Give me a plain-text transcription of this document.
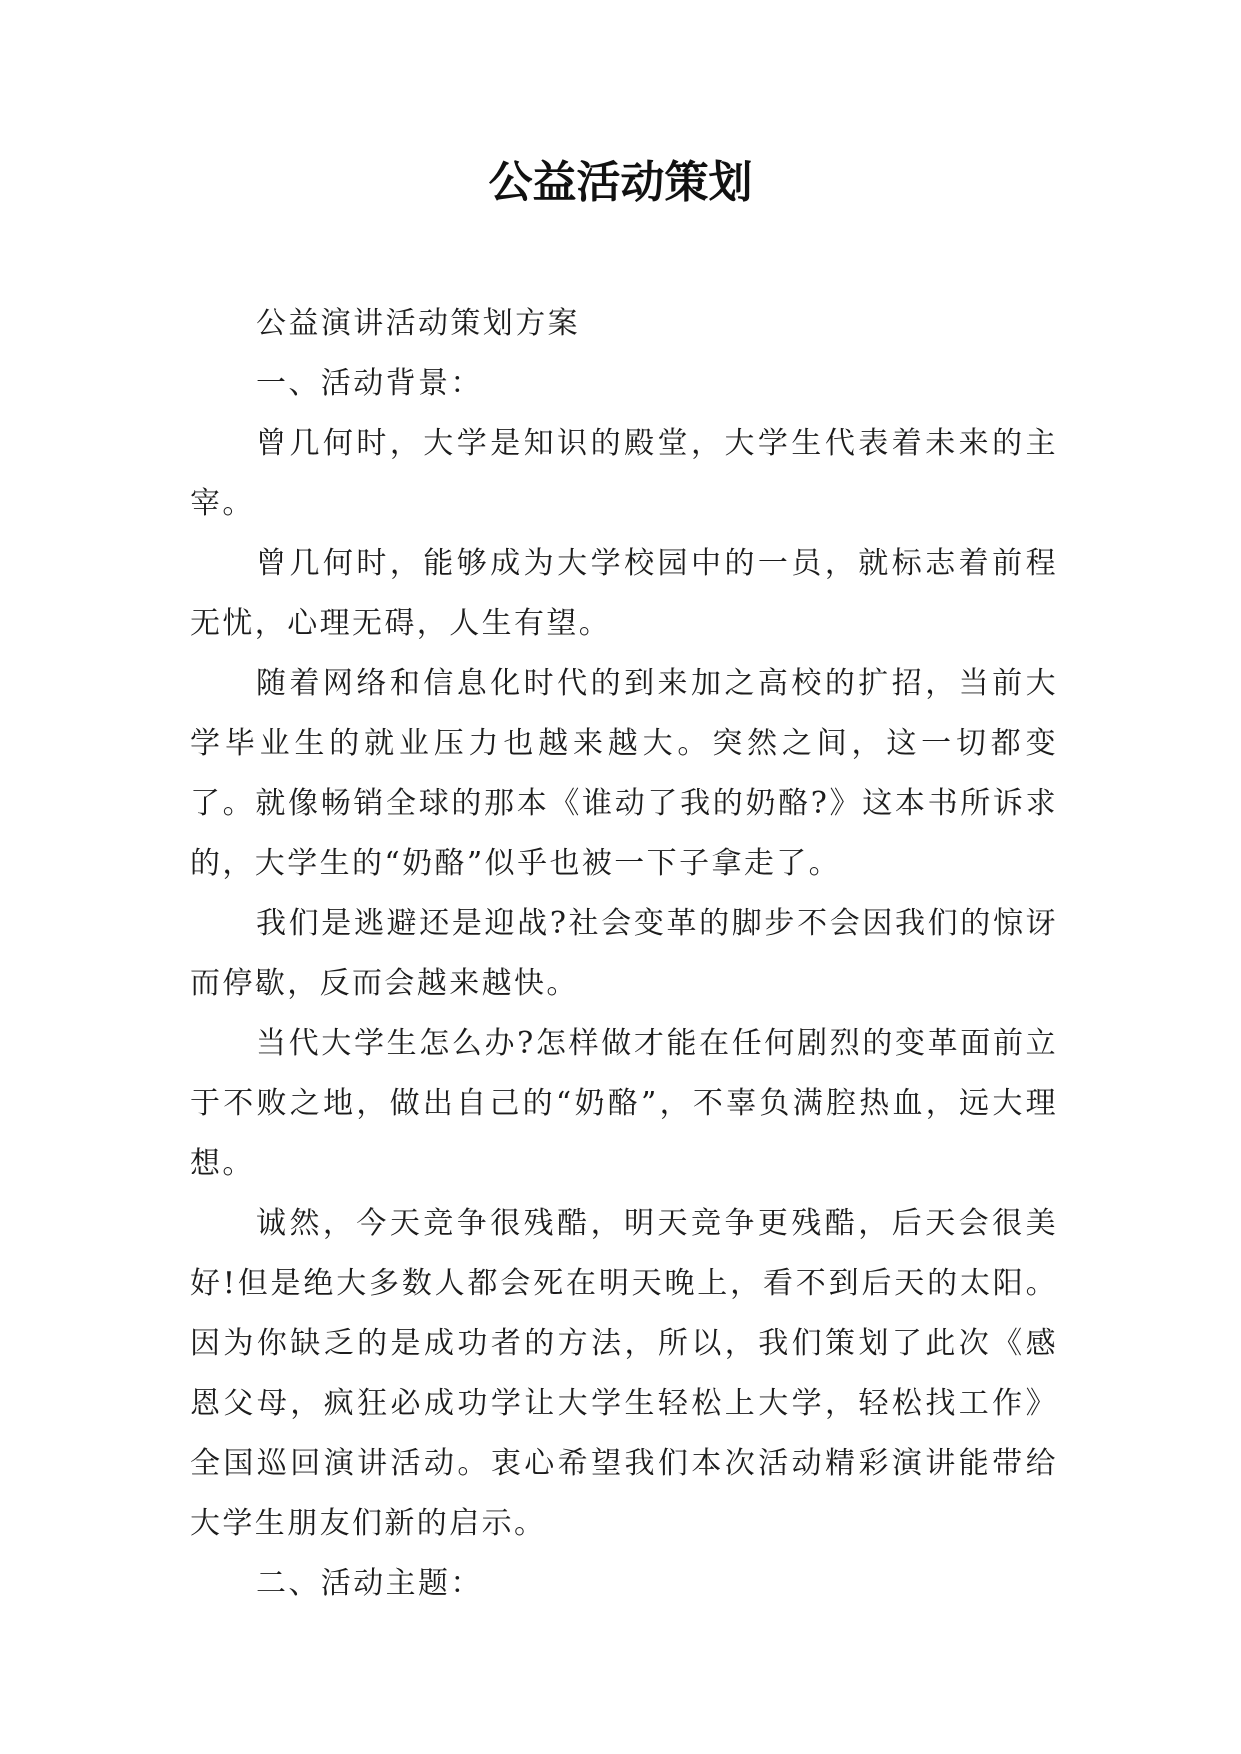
公益活动策划

公益演讲活动策划方案

一、活动背景：

曾几何时，大学是知识的殿堂，大学生代表着未来的主宰。

曾几何时，能够成为大学校园中的一员，就标志着前程无忧，心理无碍，人生有望。

随着网络和信息化时代的到来加之高校的扩招，当前大学毕业生的就业压力也越来越大。突然之间，这一切都变了。就像畅销全球的那本《谁动了我的奶酪?》这本书所诉求的，大学生的“奶酪”似乎也被一下子拿走了。

我们是逃避还是迎战?社会变革的脚步不会因我们的惊讶而停歇，反而会越来越快。

当代大学生怎么办?怎样做才能在任何剧烈的变革面前立于不败之地，做出自己的“奶酪”，不辜负满腔热血，远大理想。

诚然，今天竞争很残酷，明天竞争更残酷，后天会很美好!但是绝大多数人都会死在明天晚上，看不到后天的太阳。因为你缺乏的是成功者的方法，所以，我们策划了此次《感恩父母，疯狂必成功学让大学生轻松上大学，轻松找工作》全国巡回演讲活动。衷心希望我们本次活动精彩演讲能带给大学生朋友们新的启示。

二、活动主题：
